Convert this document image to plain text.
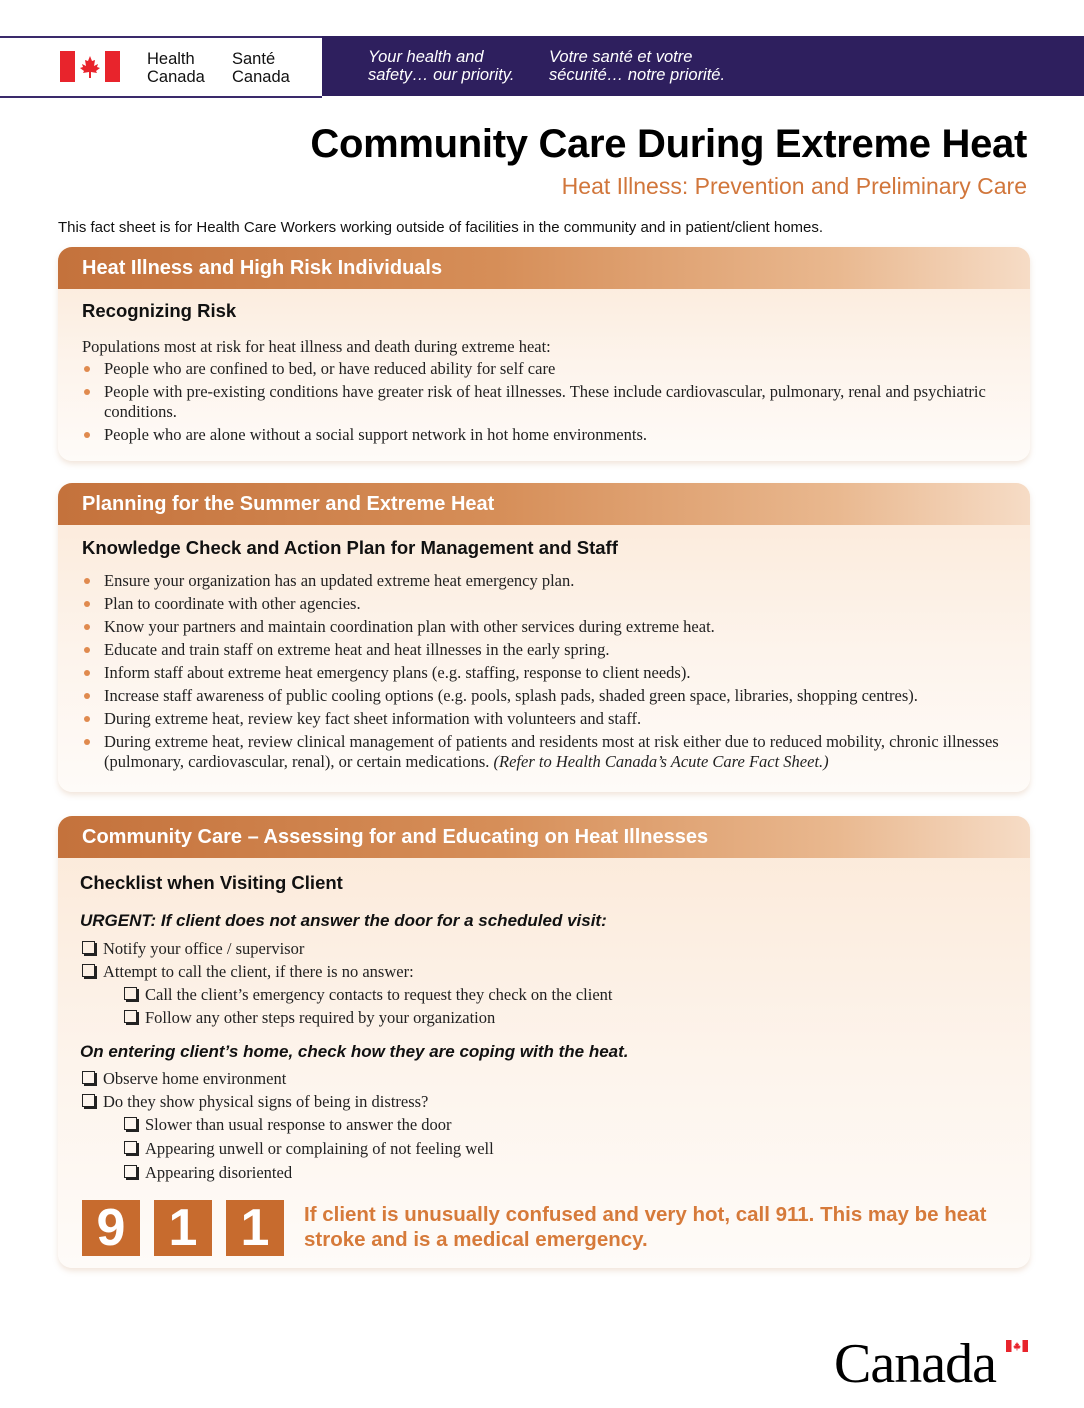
Health
Canada
Santé
Canada
Your health and
safety… our priority.
Votre santé et votre
sécurité… notre priorité.
Community Care During Extreme Heat
Heat Illness: Prevention and Preliminary Care
This fact sheet is for Health Care Workers working outside of facilities in the community and in patient/client homes.
Heat Illness and High Risk Individuals
Recognizing Risk
Populations most at risk for heat illness and death during extreme heat:
People who are confined to bed, or have reduced ability for self care
People with pre-existing conditions have greater risk of heat illnesses. These include cardiovascular, pulmonary, renal and psychiatric conditions.
People who are alone without a social support network in hot home environments.
Planning for the Summer and Extreme Heat
Knowledge Check and Action Plan for Management and Staff
Ensure your organization has an updated extreme heat emergency plan.
Plan to coordinate with other agencies.
Know your partners and maintain coordination plan with other services during extreme heat.
Educate and train staff on extreme heat and heat illnesses in the early spring.
Inform staff about extreme heat emergency plans (e.g. staffing, response to client needs).
Increase staff awareness of public cooling options (e.g. pools, splash pads, shaded green space, libraries, shopping centres).
During extreme heat, review key fact sheet information with volunteers and staff.
During extreme heat, review clinical management of patients and residents most at risk either due to reduced mobility, chronic illnesses (pulmonary, cardiovascular, renal), or certain medications. (Refer to Health Canada’s Acute Care Fact Sheet.)
Community Care – Assessing for and Educating on Heat Illnesses
Checklist when Visiting Client
URGENT: If client does not answer the door for a scheduled visit:
Notify your office / supervisor
Attempt to call the client, if there is no answer:
Call the client’s emergency contacts to request they check on the client
Follow any other steps required by your organization
On entering client’s home, check how they are coping with the heat.
Observe home environment
Do they show physical signs of being in distress?
Slower than usual response to answer the door
Appearing unwell or complaining of not feeling well
Appearing disoriented
9 1 1	If client is unusually confused and very hot, call 911. This may be heat stroke and is a medical emergency.
Canada
